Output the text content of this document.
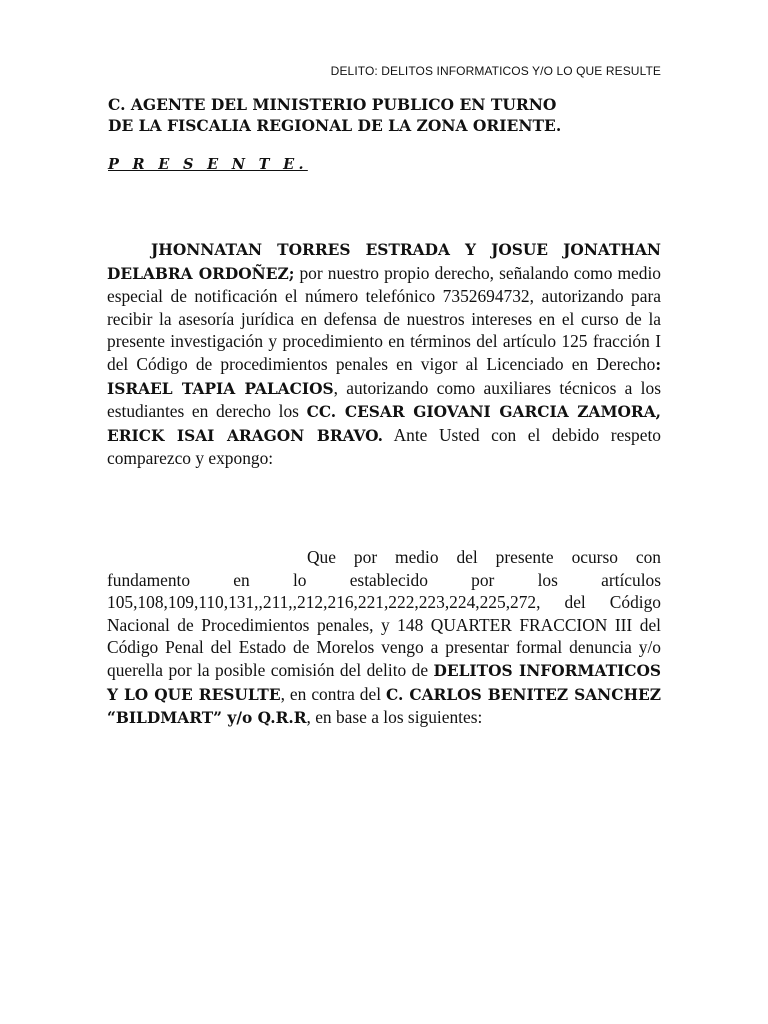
DELITO: DELITOS INFORMATICOS Y/O LO QUE RESULTE
C. AGENTE DEL MINISTERIO PUBLICO EN TURNO
DE LA FISCALIA REGIONAL DE LA ZONA ORIENTE.
P R E S E N T E.
JHONNATAN TORRES ESTRADA Y JOSUE JONATHAN DELABRA ORDOÑEZ; por nuestro propio derecho, señalando como medio especial de notificación el número telefónico 7352694732, autorizando para recibir la asesoría jurídica en defensa de nuestros intereses en el curso de la presente investigación y procedimiento en términos del artículo 125 fracción I del Código de procedimientos penales en vigor al Licenciado en Derecho: ISRAEL TAPIA PALACIOS, autorizando como auxiliares técnicos a los estudiantes en derecho los CC. CESAR GIOVANI GARCIA ZAMORA, ERICK ISAI ARAGON BRAVO. Ante Usted con el debido respeto comparezco y expongo:
Que por medio del presente ocurso con fundamento en lo establecido por los artículos 105,108,109,110,131,,211,,212,216,221,222,223,224,225,272, del Código Nacional de Procedimientos penales, y 148 QUARTER FRACCION III del Código Penal del Estado de Morelos vengo a presentar formal denuncia y/o querella por la posible comisión del delito de DELITOS INFORMATICOS Y LO QUE RESULTE, en contra del C. CARLOS BENITEZ SANCHEZ “BILDMART” y/o Q.R.R, en base a los siguientes:
